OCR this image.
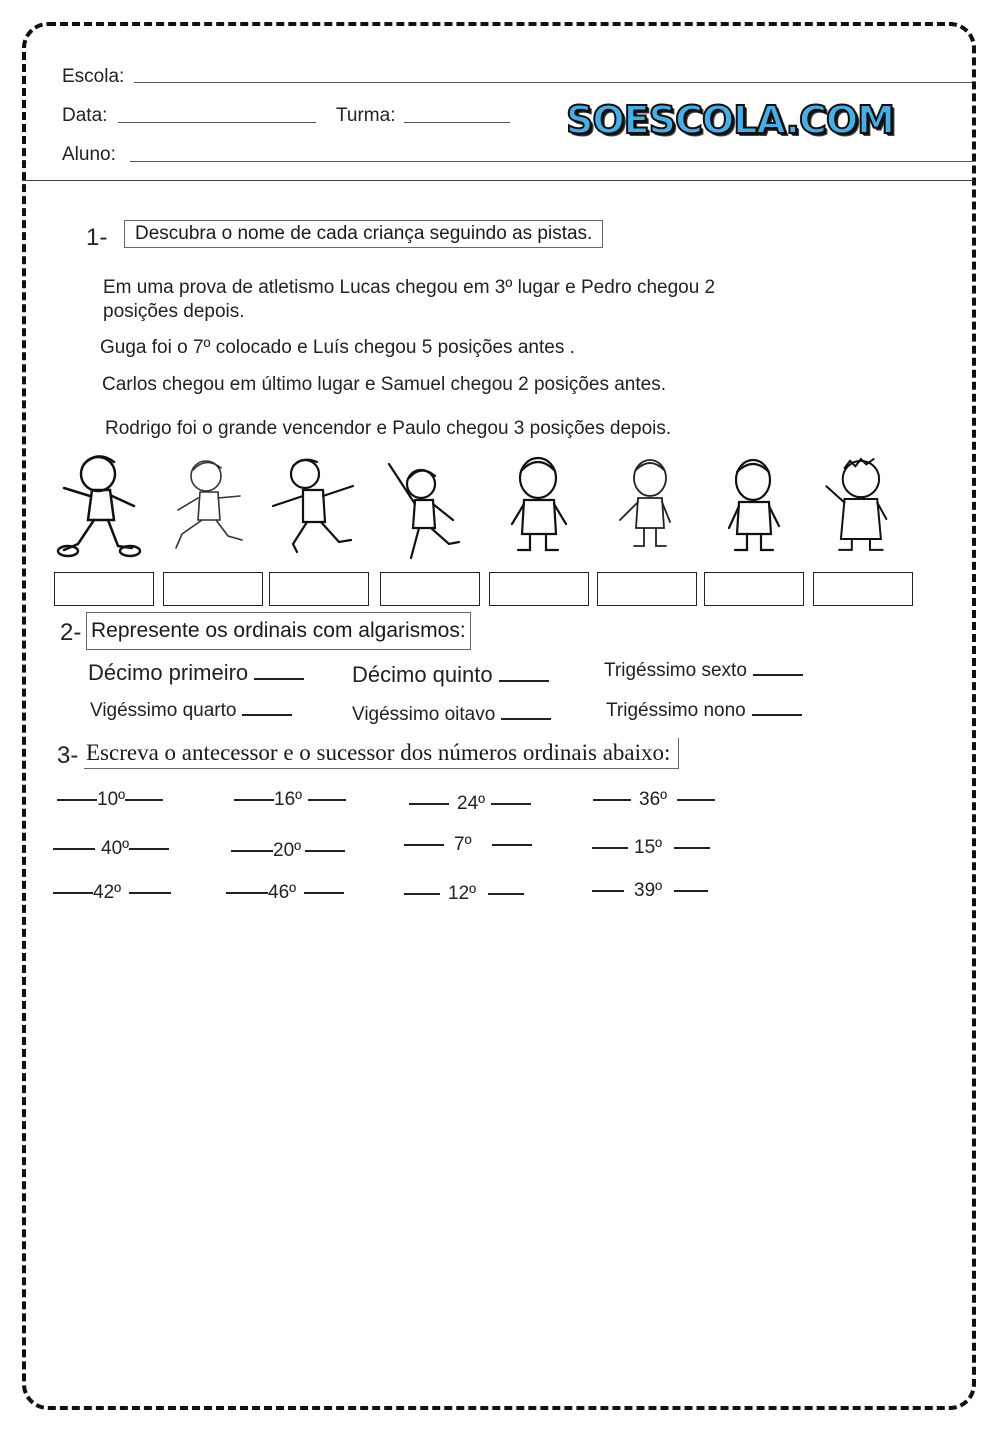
Escola:
Data:	Turma:	SOESCOLA.COM
Aluno:
1-	Descubra o nome de cada criança seguindo as pistas.
Em uma prova de atletismo Lucas chegou em 3º lugar e Pedro chegou 2
posições depois.
Guga foi o 7º colocado e Luís chegou 5 posições antes .
Carlos chegou em último lugar e Samuel chegou 2 posições antes.
Rodrigo foi o grande vencendor e Paulo chegou 3 posições depois.
2- Represente os ordinais com algarismos:
Décimo primeiro	Décimo quinto	Trigéssimo sexto
Vigéssimo quarto	Vigéssimo oitavo	Trigéssimo nono
3- Escreva o antecessor e o sucessor dos números ordinais abaixo:
10º	16º	24º	36º
40º	20º	7º	15º
42º	46º	12º	39º
